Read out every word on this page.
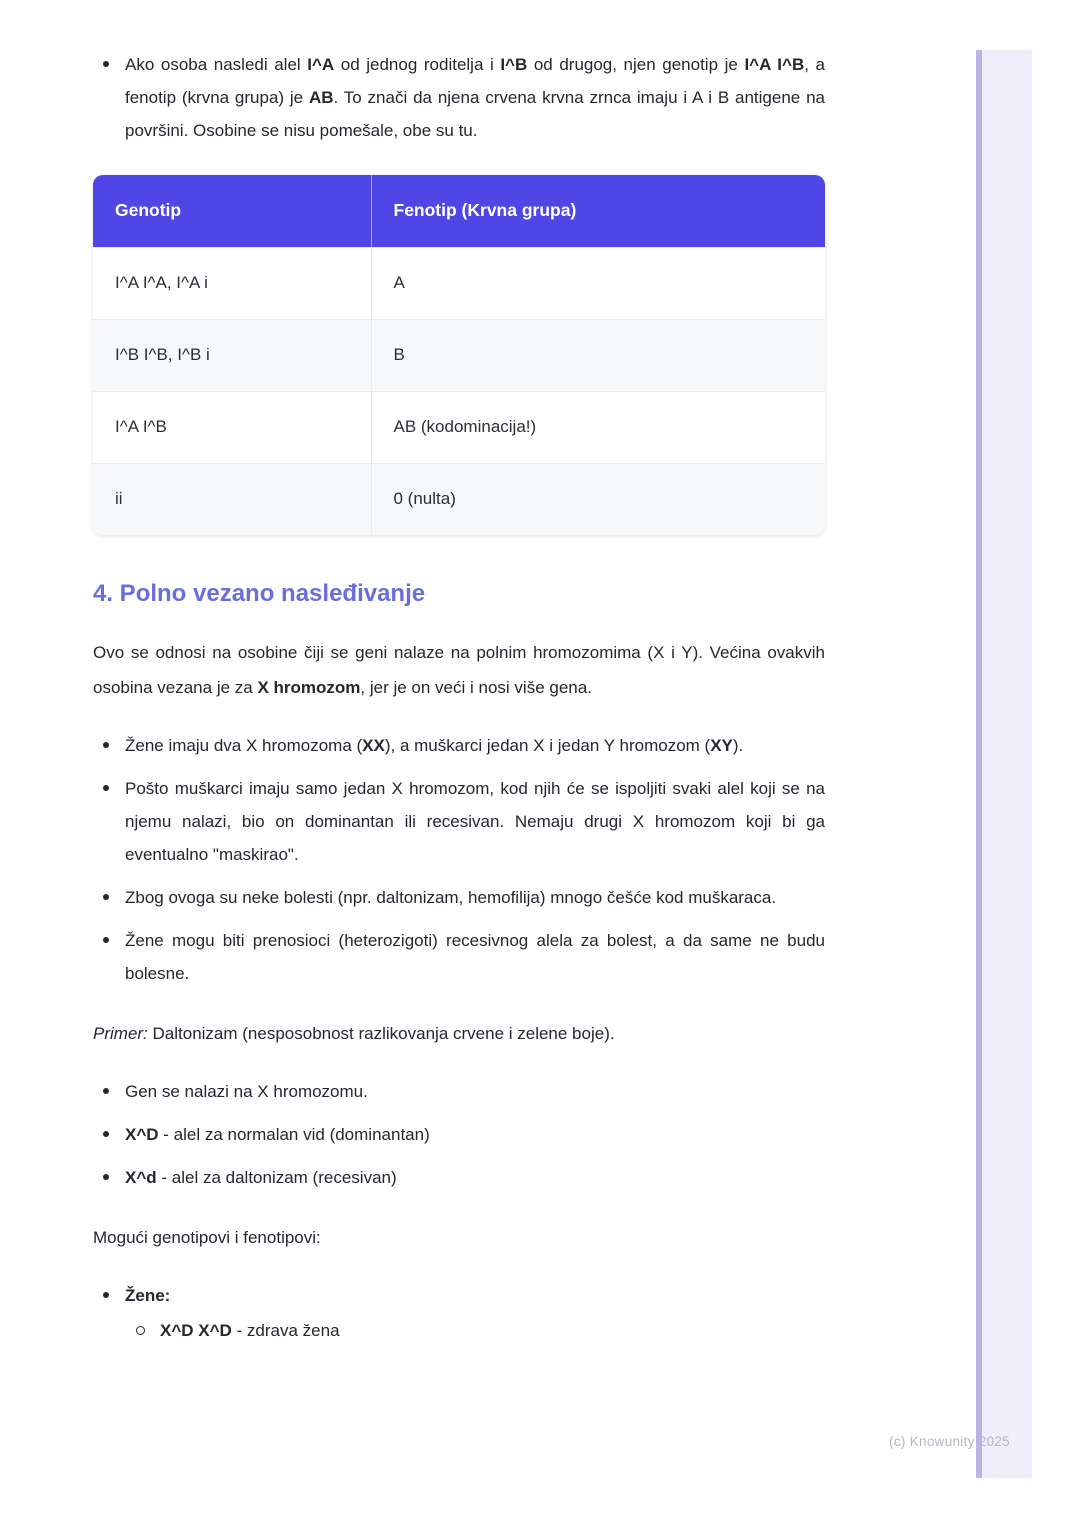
Ako osoba nasledi alel I^A od jednog roditelja i I^B od drugog, njen genotip je I^A I^B, a fenotip (krvna grupa) je AB. To znači da njena crvena krvna zrnca imaju i A i B antigene na površini. Osobine se nisu pomešale, obe su tu.
Genotip	Fenotip (Krvna grupa)
I^A I^A, I^A i	A
I^B I^B, I^B i	B
I^A I^B	AB (kodominacija!)
ii	0 (nulta)
4. Polno vezano nasleđivanje

Ovo se odnosi na osobine čiji se geni nalaze na polnim hromozomima (X i Y). Većina ovakvih osobina vezana je za X hromozom, jer je on veći i nosi više gena.

Žene imaju dva X hromozoma (XX), a muškarci jedan X i jedan Y hromozom (XY).
Pošto muškarci imaju samo jedan X hromozom, kod njih će se ispoljiti svaki alel koji se na njemu nalazi, bio on dominantan ili recesivan. Nemaju drugi X hromozom koji bi ga eventualno "maskirao".
Zbog ovoga su neke bolesti (npr. daltonizam, hemofilija) mnogo češće kod muškaraca.
Žene mogu biti prenosioci (heterozigoti) recesivnog alela za bolest, a da same ne budu bolesne.

Primer: Daltonizam (nesposobnost razlikovanja crvene i zelene boje).

Gen se nalazi na X hromozomu.
X^D - alel za normalan vid (dominantan)
X^d - alel za daltonizam (recesivan)

Mogući genotipovi i fenotipovi:

Žene:
X^D X^D - zdrava žena
(c) Knowunity 2025
